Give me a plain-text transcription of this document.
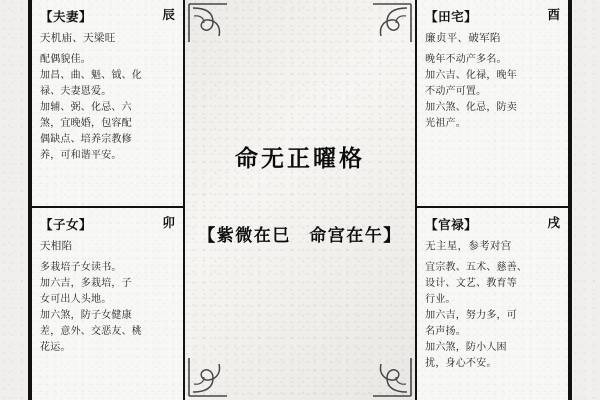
【夫妻】	辰
天机庙、天梁旺

配偶貌佳。

加昌、曲、魁、钺、化

禄、夫妻恩爱。

加辅、弼、化忌、六

煞，宜晚婚，包容配

偶缺点、培养宗教修

养，可和谐平安。

【子女】	卯
天相陷

多栽培子女读书。

加六吉，多栽培，子

女可出人头地。

加六煞，防子女健康

差，意外、交恶友、桃

花运。

命无正曜格
【紫微在巳　命宫在午】
【田宅】	酉
廉贞平、破军陷

晚年不动产多名。

加六吉、化禄，晚年

不动产可置。

加六煞、化忌，防卖

光祖产。

【官禄】	戌
无主星，参考对宫

宜宗教、五术、慈善、

设计、文艺、教育等

行业。

加六吉，努力多，可

名声扬。

加六煞，防小人困

扰，身心不安。
